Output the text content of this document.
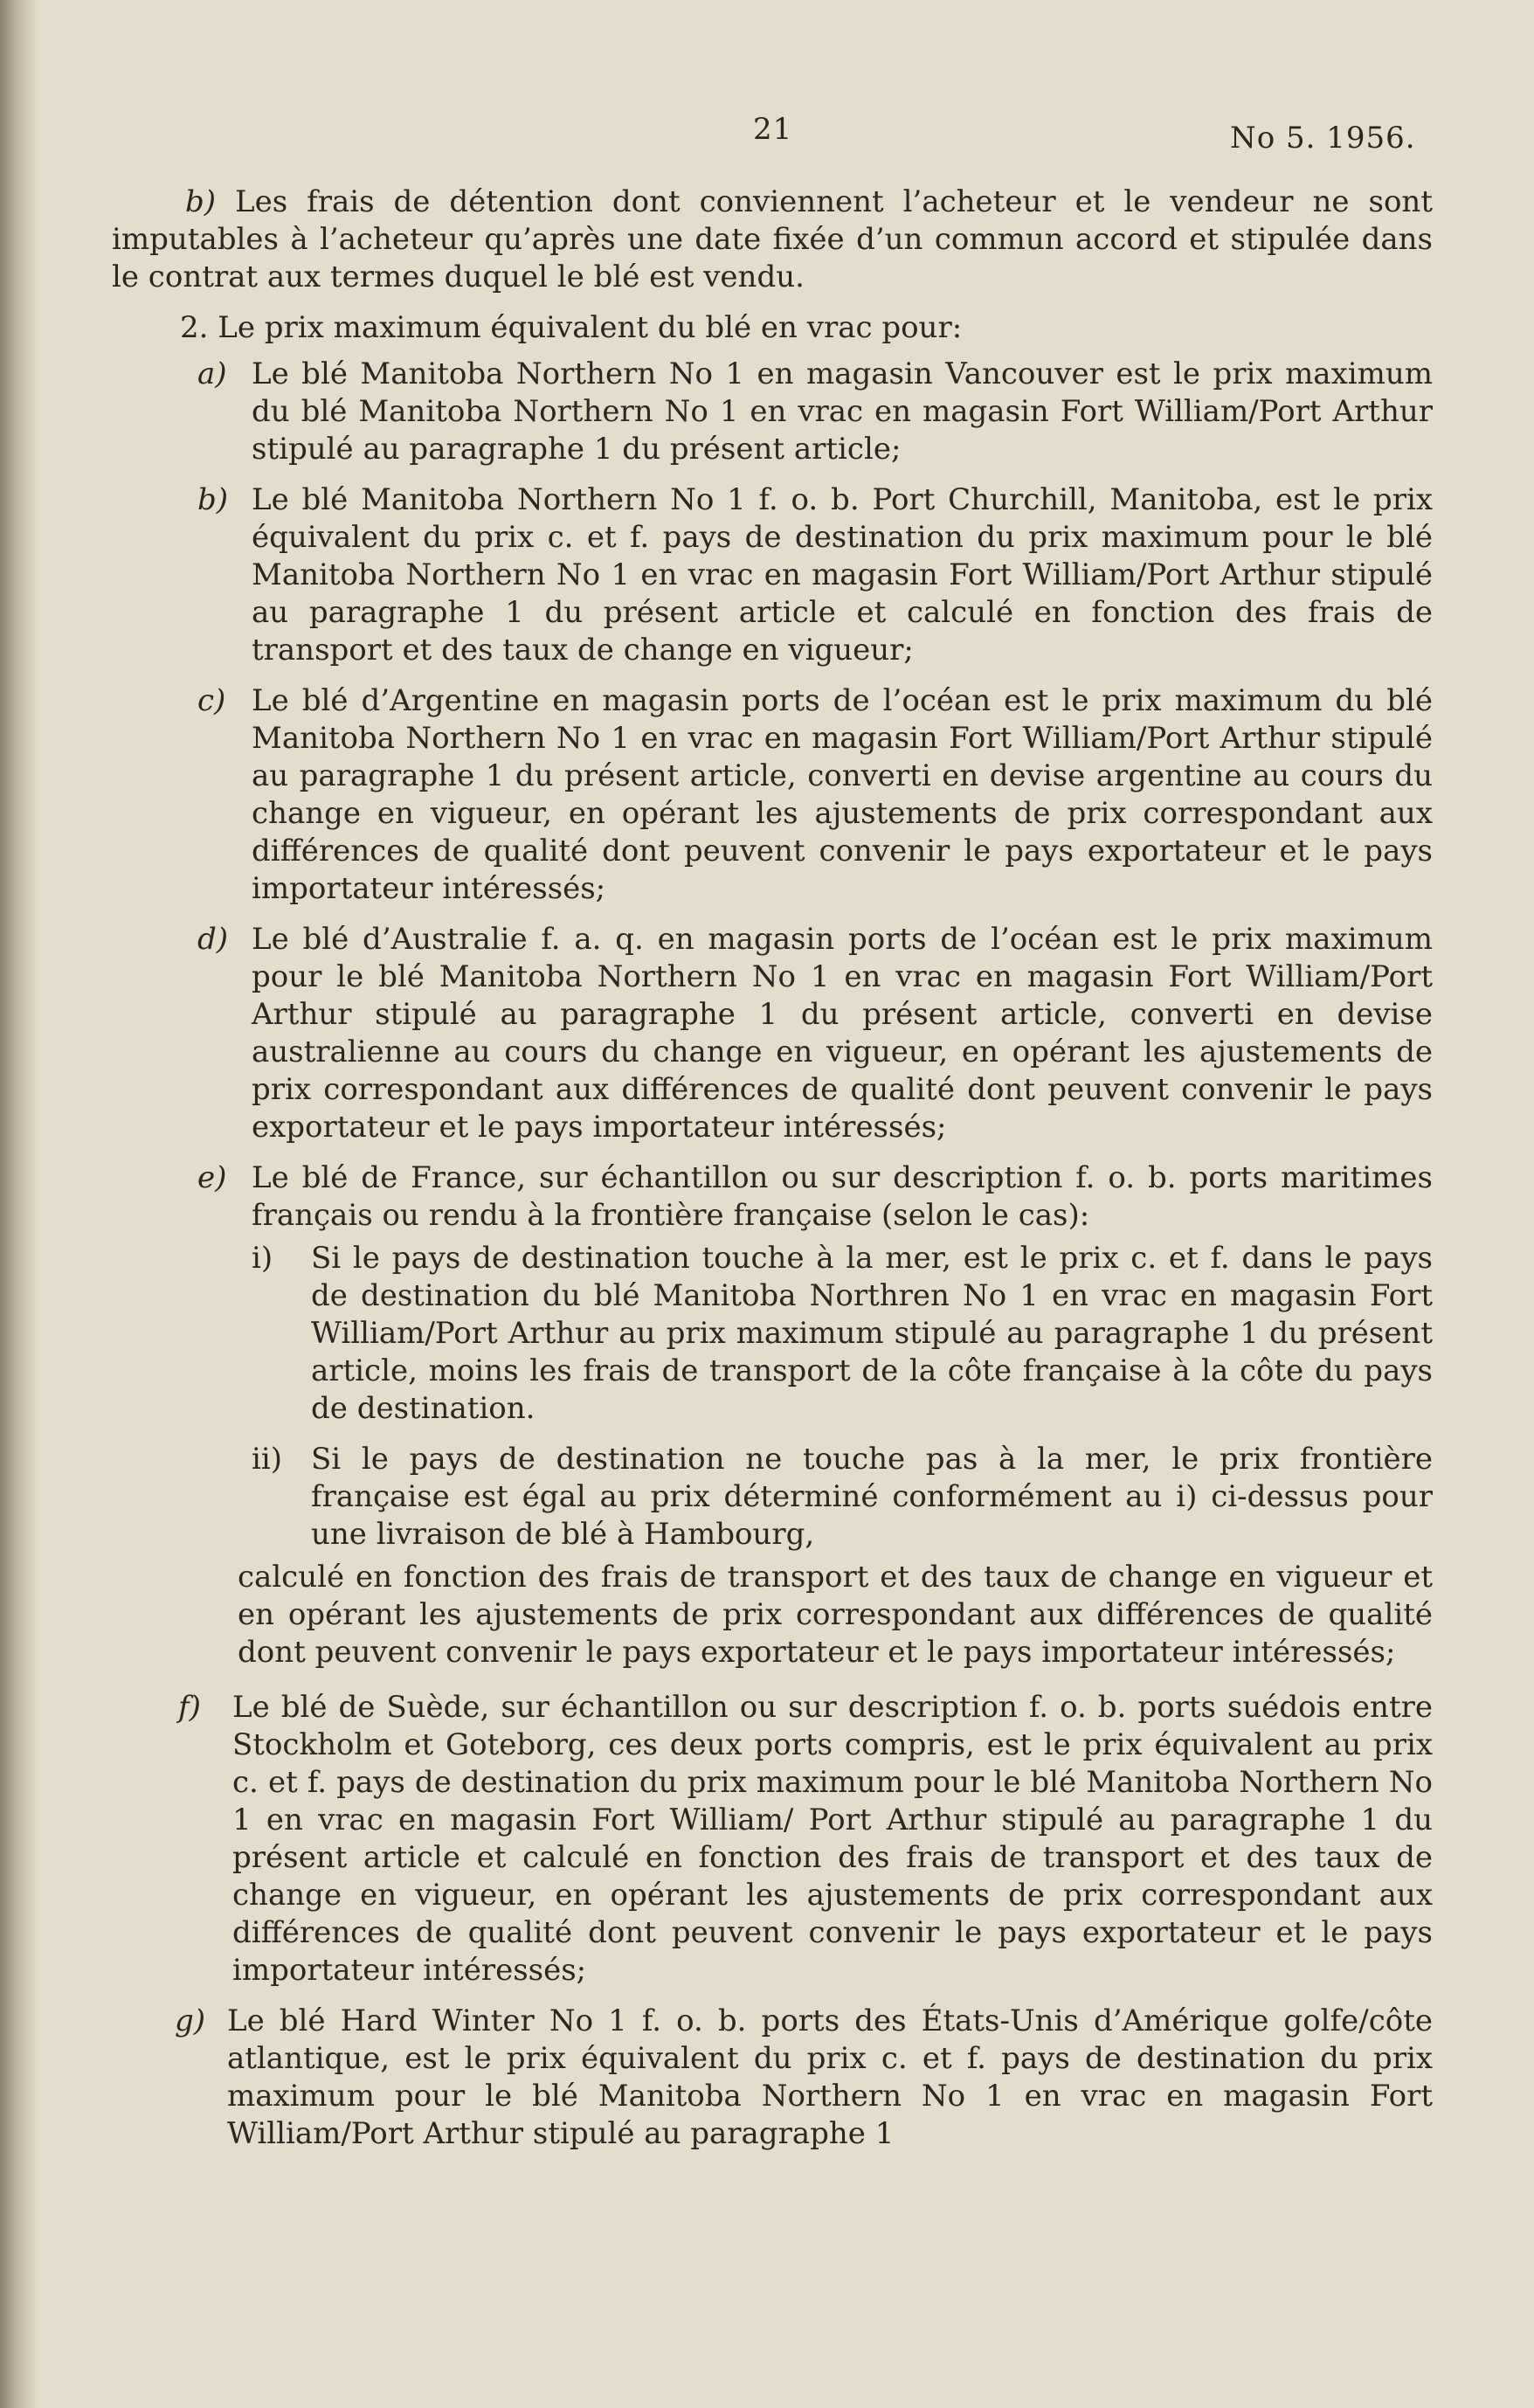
21	No 5. 1956.

b) Les frais de détention dont conviennent l’acheteur et le vendeur ne sont imputables à l’acheteur qu’après une date fixée d’un commun accord et stipulée dans le contrat aux termes duquel le blé est vendu.

2. Le prix maximum équivalent du blé en vrac pour:

a) Le blé Manitoba Northern No 1 en magasin Vancouver est le prix maximum du blé Manitoba Northern No 1 en vrac en magasin Fort William/Port Arthur stipulé au paragraphe 1 du présent article;
b) Le blé Manitoba Northern No 1 f. o. b. Port Churchill, Manitoba, est le prix équivalent du prix c. et f. pays de destination du prix maximum pour le blé Manitoba Northern No 1 en vrac en magasin Fort William/Port Arthur stipulé au paragraphe 1 du présent article et calculé en fonction des frais de transport et des taux de change en vigueur;
c) Le blé d’Argentine en magasin ports de l’océan est le prix maximum du blé Manitoba Northern No 1 en vrac en magasin Fort William/Port Arthur stipulé au paragraphe 1 du présent article, converti en devise argentine au cours du change en vigueur, en opérant les ajustements de prix correspondant aux différences de qualité dont peuvent convenir le pays exportateur et le pays importateur intéressés;
d) Le blé d’Australie f. a. q. en magasin ports de l’océan est le prix maximum pour le blé Manitoba Northern No 1 en vrac en magasin Fort William/Port Arthur stipulé au paragraphe 1 du présent article, converti en devise australienne au cours du change en vigueur, en opérant les ajustements de prix correspondant aux différences de qualité dont peuvent convenir le pays exportateur et le pays importateur intéressés;
e) Le blé de France, sur échantillon ou sur description f. o. b. ports maritimes français ou rendu à la frontière française (selon le cas):
i) Si le pays de destination touche à la mer, est le prix c. et f. dans le pays de destination du blé Manitoba Northren No 1 en vrac en magasin Fort William/Port Arthur au prix maximum stipulé au paragraphe 1 du présent article, moins les frais de transport de la côte française à la côte du pays de destination.
ii) Si le pays de destination ne touche pas à la mer, le prix frontière française est égal au prix déterminé conformément au i) ci-dessus pour une livraison de blé à Hambourg,

calculé en fonction des frais de transport et des taux de change en vigueur et en opérant les ajustements de prix correspondant aux différences de qualité dont peuvent convenir le pays exportateur et le pays importateur intéressés;

f) Le blé de Suède, sur échantillon ou sur description f. o. b. ports suédois entre Stockholm et Goteborg, ces deux ports compris, est le prix équivalent au prix c. et f. pays de destination du prix maximum pour le blé Manitoba Northern No 1 en vrac en magasin Fort William/ Port Arthur stipulé au paragraphe 1 du présent article et calculé en fonction des frais de transport et des taux de change en vigueur, en opérant les ajustements de prix correspondant aux différences de qualité dont peuvent convenir le pays exportateur et le pays importateur intéressés;
g) Le blé Hard Winter No 1 f. o. b. ports des États-Unis d’Amérique golfe/côte atlantique, est le prix équivalent du prix c. et f. pays de destination du prix maximum pour le blé Manitoba Northern No 1 en vrac en magasin Fort William/Port Arthur stipulé au paragraphe 1
